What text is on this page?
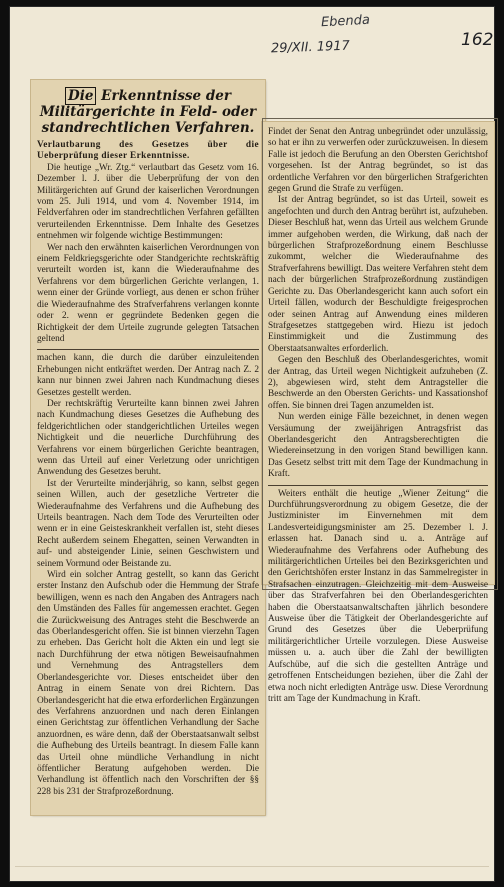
Ebenda
29/XII. 1917	162
Die Erkenntnisse der Militärgerichte in Feld- oder standrechtlichen Verfahren.

Verlautbarung des Gesetzes über die Ueberprüfung dieser Erkenntnisse.

Die heutige „Wr. Ztg.“ verlautbart das Gesetz vom 16. Dezember l. J. über die Ueberprüfung der von den Militärgerichten auf Grund der kaiserlichen Verordnungen vom 25. Juli 1914, und vom 4. November 1914, im Feldverfahren oder im standrechtlichen Verfahren gefällten verurteilenden Erkenntnisse. Dem Inhalte des Gesetzes entnehmen wir folgende wichtige Bestimmungen:

Wer nach den erwähnten kaiserlichen Verordnungen von einem Feldkriegsgerichte oder Standgerichte rechtskräftig verurteilt worden ist, kann die Wiederaufnahme des Verfahrens vor dem bürgerlichen Gerichte verlangen, 1. wenn einer der Gründe vorliegt, aus denen er schon früher die Wiederaufnahme des Strafverfahrens verlangen konnte oder 2. wenn er gegründete Bedenken gegen die Richtigkeit der dem Urteile zugrunde gelegten Tatsachen geltend

machen kann, die durch die darüber einzuleitenden Erhebungen nicht entkräftet werden. Der Antrag nach Z. 2 kann nur binnen zwei Jahren nach Kundmachung dieses Gesetzes gestellt werden.

Der rechtskräftig Verurteilte kann binnen zwei Jahren nach Kundmachung dieses Gesetzes die Aufhebung des feldgerichtlichen oder standgerichtlichen Urteiles wegen Nichtigkeit und die neuerliche Durchführung des Verfahrens vor einem bürgerlichen Gerichte beantragen, wenn das Urteil auf einer Verletzung oder unrichtigen Anwendung des Gesetzes beruht.

Ist der Verurteilte minderjährig, so kann, selbst gegen seinen Willen, auch der gesetzliche Vertreter die Wiederaufnahme des Verfahrens und die Aufhebung des Urteils beantragen. Nach dem Tode des Verurteilten oder wenn er in eine Geisteskrankheit verfallen ist, steht dieses Recht außerdem seinem Ehegatten, seinen Verwandten in auf- und absteigender Linie, seinen Geschwistern und seinem Vormund oder Beistande zu.

Wird ein solcher Antrag gestellt, so kann das Gericht erster Instanz den Aufschub oder die Hemmung der Strafe bewilligen, wenn es nach den Angaben des Antragers nach den Umständen des Falles für angemessen erachtet. Gegen die Zurückweisung des Antrages steht die Beschwerde an das Oberlandesgericht offen. Sie ist binnen vierzehn Tagen zu erheben. Das Gericht holt die Akten ein und legt sie nach Durchführung der etwa nötigen Beweisaufnahmen und Vernehmung des Antragstellers dem Oberlandesgerichte vor. Dieses entscheidet über den Antrag in einem Senate von drei Richtern. Das Oberlandesgericht hat die etwa erforderlichen Ergänzungen des Verfahrens anzuordnen und nach deren Einlangen einen Gerichtstag zur öffentlichen Verhandlung der Sache anzuordnen, es wäre denn, daß der Oberstaatsanwalt selbst die Aufhebung des Urteils beantragt. In diesem Falle kann das Urteil ohne mündliche Verhandlung in nicht öffentlicher Beratung aufgehoben werden. Die Verhandlung ist öffentlich nach den Vorschriften der §§ 228 bis 231 der Strafprozeßordnung.

Findet der Senat den Antrag unbegründet oder unzulässig, so hat er ihn zu verwerfen oder zurückzuweisen. In diesem Falle ist jedoch die Berufung an den Obersten Gerichtshof vorgesehen. Ist der Antrag begründet, so ist das ordentliche Verfahren vor den bürgerlichen Strafgerichten gegen Grund die Strafe zu verfügen.

Ist der Antrag begründet, so ist das Urteil, soweit es angefochten und durch den Antrag berührt ist, aufzuheben. Dieser Beschluß hat, wenn das Urteil aus welchem Grunde immer aufgehoben werden, die Wirkung, daß nach der bürgerlichen Strafprozeßordnung einem Beschlusse zukommt, welcher die Wiederaufnahme des Strafverfahrens bewilligt. Das weitere Verfahren steht dem nach der bürgerlichen Strafprozeßordnung zuständigen Gerichte zu. Das Oberlandesgericht kann auch sofort ein Urteil fällen, wodurch der Beschuldigte freigesprochen oder seinen Antrag auf Anwendung eines milderen Strafgesetzes stattgegeben wird. Hiezu ist jedoch Einstimmigkeit und die Zustimmung des Oberstaatsanwaltes erforderlich.

Gegen den Beschluß des Oberlandesgerichtes, womit der Antrag, das Urteil wegen Nichtigkeit aufzuheben (Z. 2), abgewiesen wird, steht dem Antragsteller die Beschwerde an den Obersten Gerichts- und Kassationshof offen. Sie binnen drei Tagen anzumelden ist.

Nun werden einige Fälle bezeichnet, in denen wegen Versäumung der zweijährigen Antragsfrist das Oberlandesgericht den Antragsberechtigten die Wiedereinsetzung in den vorigen Stand bewilligen kann. Das Gesetz selbst tritt mit dem Tage der Kundmachung in Kraft.

Weiters enthält die heutige „Wiener Zeitung“ die Durchführungsverordnung zu obigem Gesetze, die der Justizminister im Einvernehmen mit dem Landesverteidigungsminister am 25. Dezember l. J. erlassen hat. Danach sind u. a. Anträge auf Wiederaufnahme des Verfahrens oder Aufhebung des militärgerichtlichen Urteiles bei den Bezirksgerichten und den Gerichtshöfen erster Instanz in das Sammelregister in Strafsachen einzutragen. Gleichzeitig mit dem Ausweise über das Strafverfahren bei den Oberlandesgerichten haben die Oberstaatsanwaltschaften jährlich besondere Ausweise über die Tätigkeit der Oberlandesgerichte auf Grund des Gesetzes über die Ueberprüfung militärgerichtlicher Urteile vorzulegen. Diese Ausweise müssen u. a. auch über die Zahl der bewilligten Aufschübe, auf die sich die gestellten Anträge und getroffenen Entscheidungen beziehen, über die Zahl der etwa noch nicht erledigten Anträge usw. Diese Verordnung tritt am Tage der Kundmachung in Kraft.
